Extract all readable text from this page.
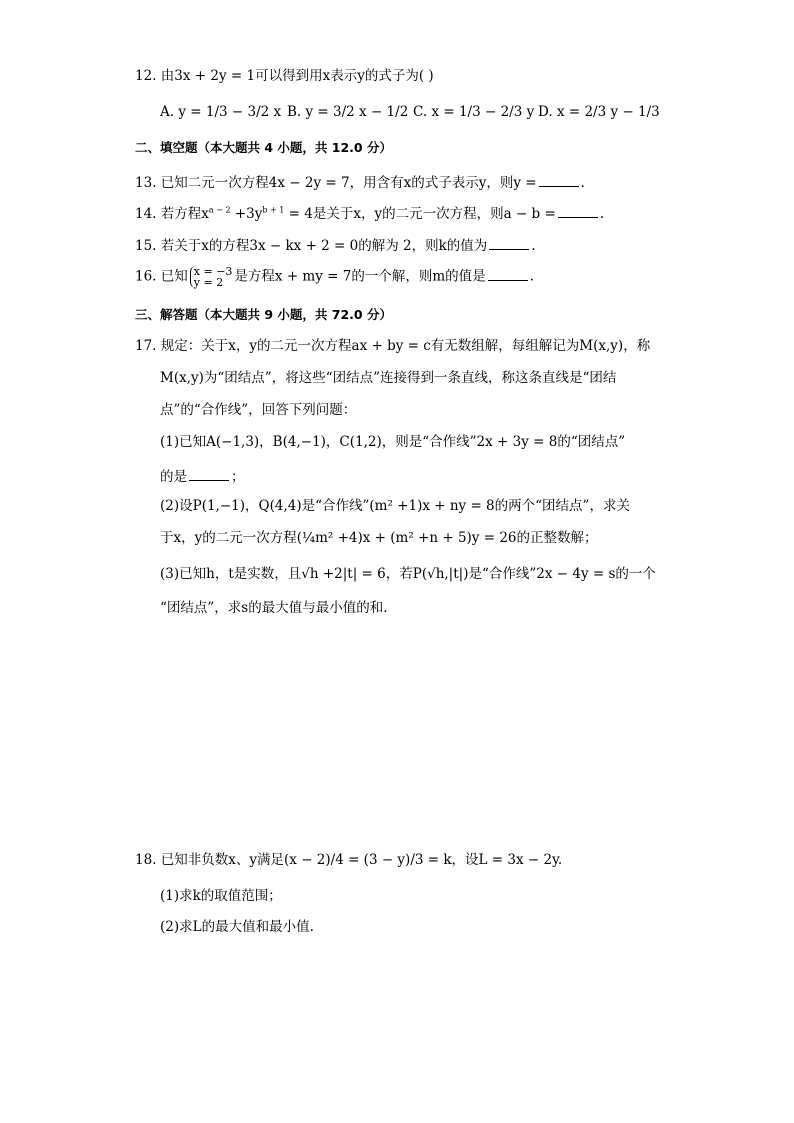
12. 由3x + 2y = 1可以得到用x表示y的式子为( )
A. y = 1/3 − 3/2 x B. y = 3/2 x − 1/2 C. x = 1/3 − 2/3 y D. x = 2/3 y − 1/3
二、填空题（本大题共 4 小题，共 12.0 分）
13. 已知二元一次方程4x − 2y = 7，用含有x的式子表示y，则y =	.
14. 若方程$x^{a - 2} +3y^{b + 1} = 4$是关于x，y的二元一次方程，则a − b =	.
15. 若关于x的方程3x − kx + 2 = 0的解为 2，则k的值为	.
16. 已知 x = −3
y = 2 是方程x + my = 7的一个解，则m的值是	.
三、解答题（本大题共 9 小题，共 72.0 分）
17. 规定：关于x，y的二元一次方程ax + by = c有无数组解，每组解记为M(x,y)，称
M(x,y)为“团结点”，将这些“团结点”连接得到一条直线，称这条直线是“团结
点”的“合作线”，回答下列问题：
(1)已知A(−1,3)，B(4,−1)，C(1,2)，则是“合作线”2x + 3y = 8的“团结点”
的是	；
(2)设P(1,−1)，Q(4,4)是“合作线”(m² +1)x + ny = 8的两个“团结点”，求关
于x，y的二元一次方程(¼m² +4)x + (m² +n + 5)y = 26的正整数解；
(3)已知h，t是实数，且√h +2|t| = 6，若P(√h,|t|)是“合作线”2x − 4y = s的一个
“团结点”，求s的最大值与最小值的和.
18. 已知非负数x、y满足(x − 2)/4 = (3 − y)/3 = k，设L = 3x − 2y.
(1)求k的取值范围；
(2)求L的最大值和最小值.
